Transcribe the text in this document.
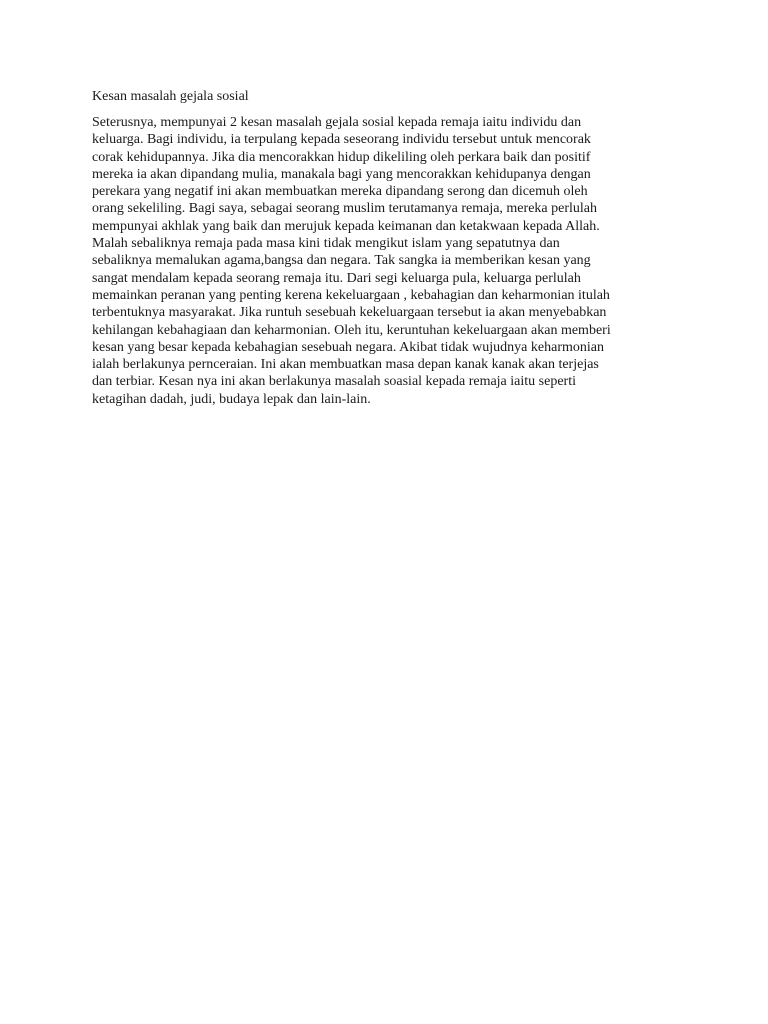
Kesan masalah gejala sosial
Seterusnya, mempunyai 2 kesan masalah gejala sosial kepada remaja iaitu individu dan
keluarga. Bagi individu, ia terpulang kepada seseorang individu tersebut untuk mencorak
corak kehidupannya. Jika dia mencorakkan hidup dikeliling oleh perkara baik dan positif
mereka ia akan dipandang mulia, manakala bagi yang mencorakkan kehidupanya dengan
perekara yang negatif ini akan membuatkan mereka dipandang serong dan dicemuh oleh
orang sekeliling. Bagi saya, sebagai seorang muslim terutamanya remaja, mereka perlulah
mempunyai akhlak yang baik dan merujuk kepada keimanan dan ketakwaan kepada Allah.
Malah sebaliknya remaja pada masa kini tidak mengikut islam yang sepatutnya dan
sebaliknya memalukan agama,bangsa dan negara. Tak sangka ia memberikan kesan yang
sangat mendalam kepada seorang remaja itu. Dari segi keluarga pula, keluarga perlulah
memainkan peranan yang penting kerena kekeluargaan , kebahagian dan keharmonian itulah
terbentuknya masyarakat. Jika runtuh sesebuah kekeluargaan tersebut ia akan menyebabkan
kehilangan kebahagiaan dan keharmonian. Oleh itu, keruntuhan kekeluargaan akan memberi
kesan yang besar kepada kebahagian sesebuah negara. Akibat tidak wujudnya keharmonian
ialah berlakunya pernceraian. Ini akan membuatkan masa depan kanak kanak akan terjejas
dan terbiar. Kesan nya ini akan berlakunya masalah soasial kepada remaja iaitu seperti
ketagihan dadah, judi, budaya lepak dan lain-lain.
